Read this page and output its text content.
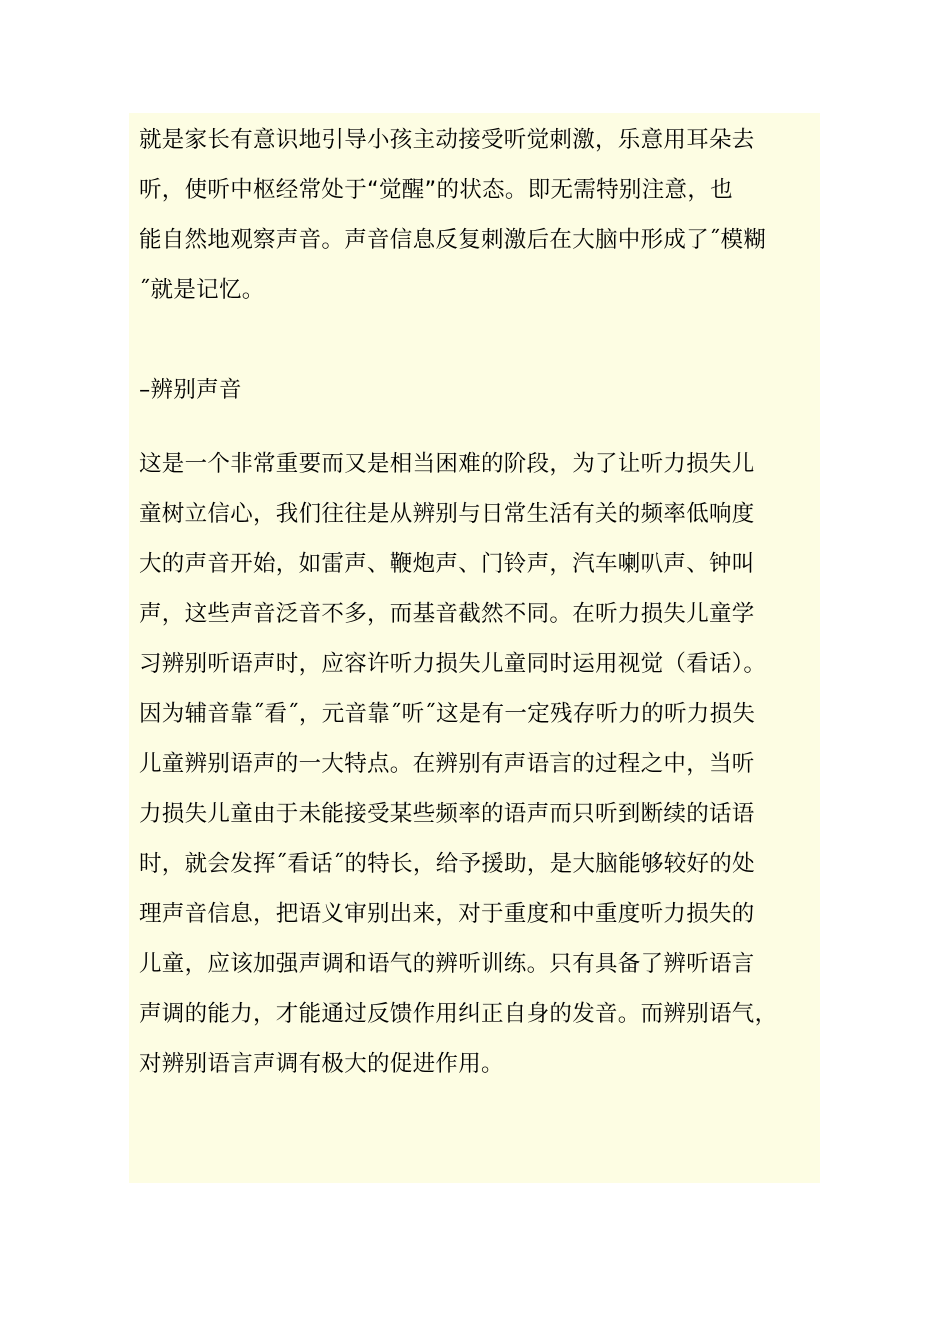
就是家长有意识地引导小孩主动接受听觉刺激，乐意用耳朵去
听，使听中枢经常处于“觉醒”的状态。即无需特别注意，也
能自然地观察声音。声音信息反复刺激后在大脑中形成了˝模糊
˝就是记忆。

–辨别声音

这是一个非常重要而又是相当困难的阶段，为了让听力损失儿
童树立信心，我们往往是从辨别与日常生活有关的频率低响度
大的声音开始，如雷声、鞭炮声、门铃声，汽车喇叭声、钟叫
声，这些声音泛音不多，而基音截然不同。在听力损失儿童学
习辨别听语声时，应容许听力损失儿童同时运用视觉（看话）。
因为辅音靠˝看˝，元音靠˝听˝这是有一定残存听力的听力损失
儿童辨别语声的一大特点。在辨别有声语言的过程之中，当听
力损失儿童由于未能接受某些频率的语声而只听到断续的话语
时，就会发挥˝看话˝的特长，给予援助，是大脑能够较好的处
理声音信息，把语义审别出来，对于重度和中重度听力损失的
儿童，应该加强声调和语气的辨听训练。只有具备了辨听语言
声调的能力，才能通过反馈作用纠正自身的发音。而辨别语气，
对辨别语言声调有极大的促进作用。
